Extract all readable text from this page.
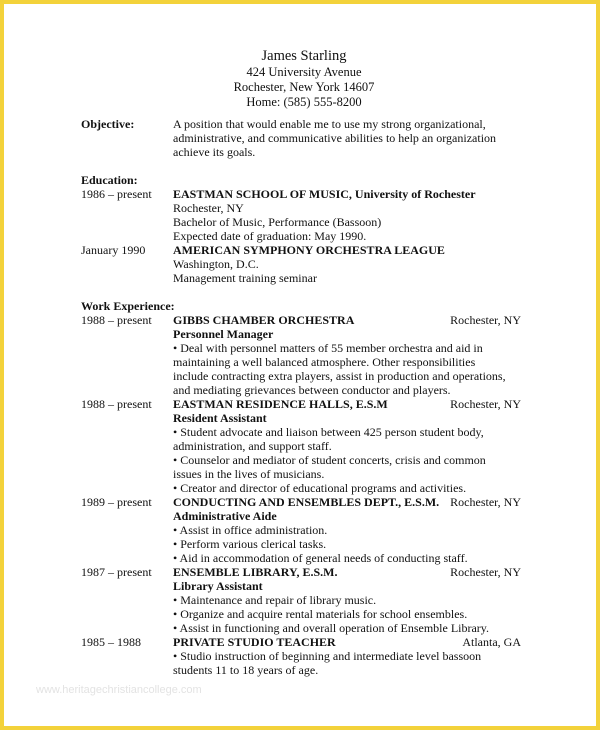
James Starling
424 University Avenue
Rochester, New York 14607
Home: (585) 555-8200
Objective:	A position that would enable me to use my strong organizational,
administrative, and communicative abilities to help an organization
achieve its goals.
Education:
1986 – present EASTMAN SCHOOL OF MUSIC, University of Rochester
Rochester, NY
Bachelor of Music, Performance (Bassoon)
Expected date of graduation: May 1990.
January 1990 AMERICAN SYMPHONY ORCHESTRA LEAGUE
Washington, D.C.
Management training seminar
Work Experience:
1988 – present GIBBS CHAMBER ORCHESTRA	Rochester, NY
Personnel Manager
• Deal with personnel matters of 55 member orchestra and aid in
maintaining a well balanced atmosphere. Other responsibilities
include contracting extra players, assist in production and operations,
and mediating grievances between conductor and players.
1988 – present EASTMAN RESIDENCE HALLS, E.S.M	Rochester, NY
Resident Assistant
• Student advocate and liaison between 425 person student body,
administration, and support staff.
• Counselor and mediator of student concerts, crisis and common
issues in the lives of musicians.
• Creator and director of educational programs and activities.
1989 – present CONDUCTING AND ENSEMBLES DEPT., E.S.M. Rochester, NY
Administrative Aide
• Assist in office administration.
• Perform various clerical tasks.
• Aid in accommodation of general needs of conducting staff.
1987 – present ENSEMBLE LIBRARY, E.S.M.	Rochester, NY
Library Assistant
• Maintenance and repair of library music.
• Organize and acquire rental materials for school ensembles.
• Assist in functioning and overall operation of Ensemble Library.
1985 – 1988	PRIVATE STUDIO TEACHER	Atlanta, GA
• Studio instruction of beginning and intermediate level bassoon
students 11 to 18 years of age.
www.heritagechristiancollege.com
